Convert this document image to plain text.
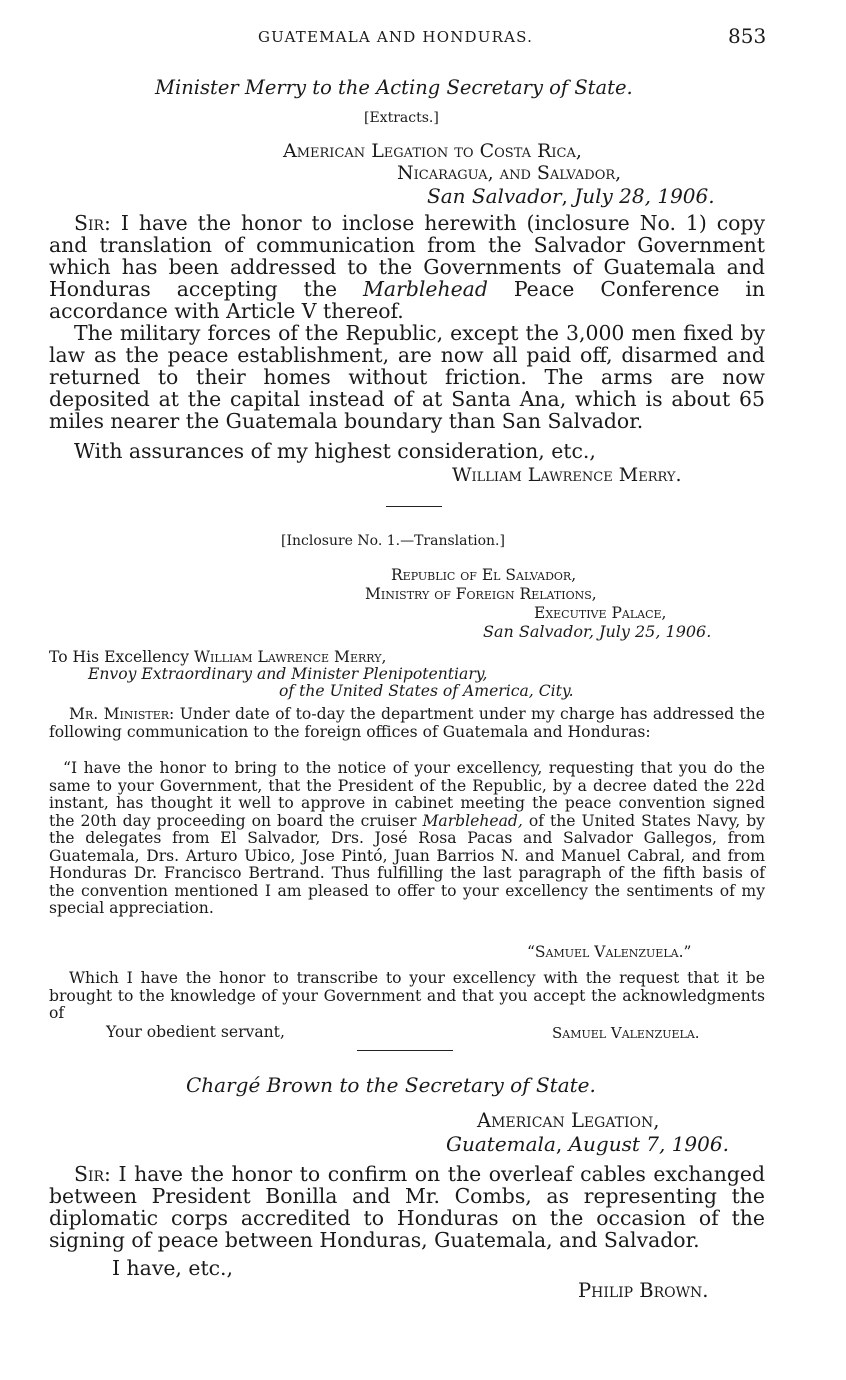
GUATEMALA AND HONDURAS.	853
Minister Merry to the Acting Secretary of State.
[Extracts.]
American Legation to Costa Rica,
Nicaragua, and Salvador,
San Salvador, July 28, 1906.

Sir: I have the honor to inclose herewith (inclosure No. 1) copy and translation of communication from the Salvador Government which has been addressed to the Governments of Guatemala and Honduras accepting the Marblehead Peace Conference in accordance with Article V thereof.

The military forces of the Republic, except the 3,000 men fixed by law as the peace establishment, are now all paid off, disarmed and returned to their homes without friction. The arms are now deposited at the capital instead of at Santa Ana, which is about 65 miles nearer the Guatemala boundary than San Salvador.

With assurances of my highest consideration, etc.,
William Lawrence Merry.
[Inclosure No. 1.—Translation.]
Republic of El Salvador,
Ministry of Foreign Relations,
Executive Palace,
San Salvador, July 25, 1906.
To His Excellency William Lawrence Merry,
Envoy Extraordinary and Minister Plenipotentiary,
of the United States of America, City.

Mr. Minister: Under date of to-day the department under my charge has addressed the following communication to the foreign offices of Guatemala and Honduras:

“I have the honor to bring to the notice of your excellency, requesting that you do the same to your Government, that the President of the Republic, by a decree dated the 22d instant, has thought it well to approve in cabinet meeting the peace convention signed the 20th day proceeding on board the cruiser Marblehead, of the United States Navy, by the delegates from El Salvador, Drs. José Rosa Pacas and Salvador Gallegos, from Guatemala, Drs. Arturo Ubico, Jose Pintó, Juan Barrios N. and Manuel Cabral, and from Honduras Dr. Francisco Bertrand. Thus fulfilling the last paragraph of the fifth basis of the convention mentioned I am pleased to offer to your excellency the sentiments of my special appreciation.

“Samuel Valenzuela.”

Which I have the honor to transcribe to your excellency with the request that it be brought to the knowledge of your Government and that you accept the acknowledgments of

Your obedient servant,	Samuel Valenzuela.
Chargé Brown to the Secretary of State.
American Legation,
Guatemala, August 7, 1906.

Sir: I have the honor to confirm on the overleaf cables exchanged between President Bonilla and Mr. Combs, as representing the diplomatic corps accredited to Honduras on the occasion of the signing of peace between Honduras, Guatemala, and Salvador.

I have, etc.,
Philip Brown.
